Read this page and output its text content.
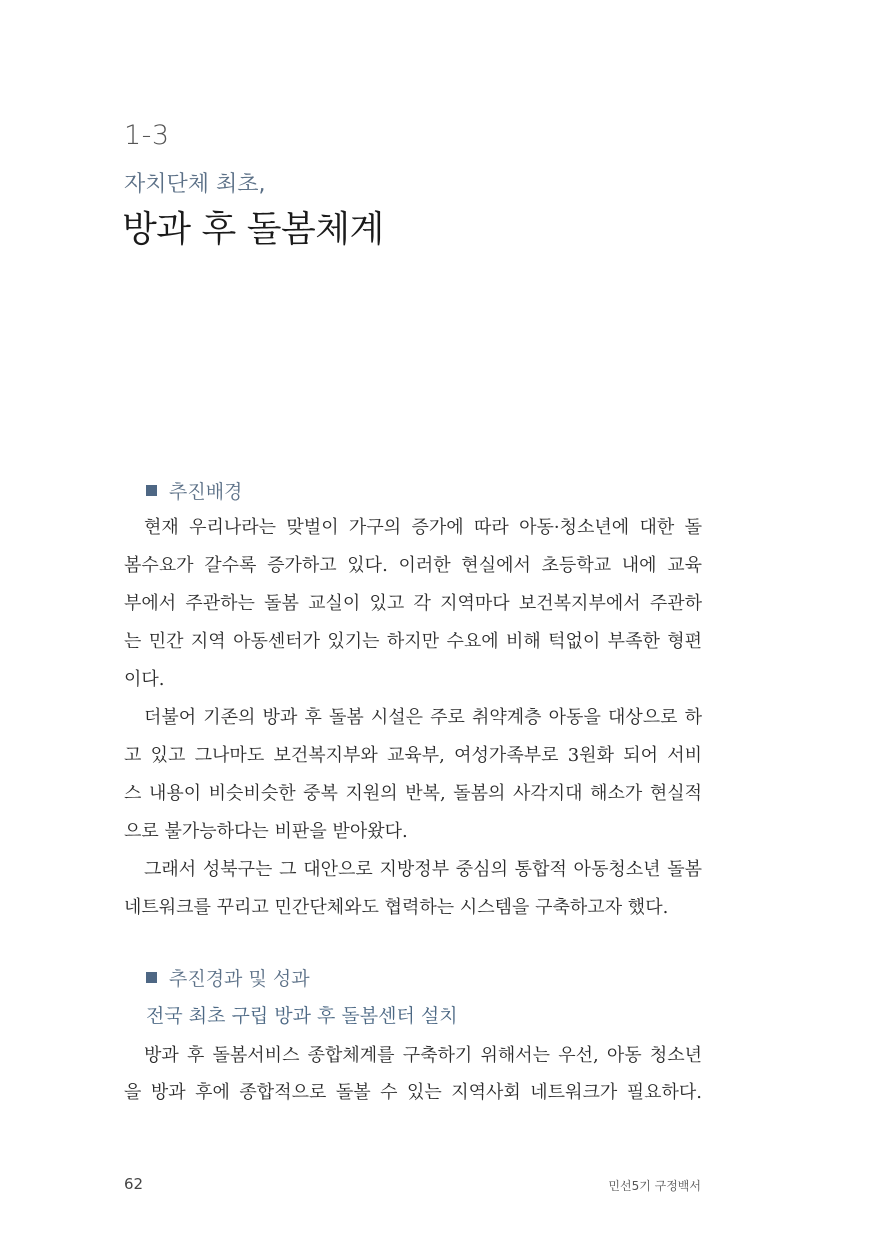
1-3
자치단체 최초,
방과 후 돌봄체계
추진배경
현재 우리나라는 맞벌이 가구의 증가에 따라 아동·청소년에 대한 돌
봄수요가 갈수록 증가하고 있다. 이러한 현실에서 초등학교 내에 교육
부에서 주관하는 돌봄 교실이 있고 각 지역마다 보건복지부에서 주관하
는 민간 지역 아동센터가 있기는 하지만 수요에 비해 턱없이 부족한 형편
이다.
더불어 기존의 방과 후 돌봄 시설은 주로 취약계층 아동을 대상으로 하
고 있고 그나마도 보건복지부와 교육부, 여성가족부로 3원화 되어 서비
스 내용이 비슷비슷한 중복 지원의 반복, 돌봄의 사각지대 해소가 현실적
으로 불가능하다는 비판을 받아왔다.
그래서 성북구는 그 대안으로 지방정부 중심의 통합적 아동청소년 돌봄
네트워크를 꾸리고 민간단체와도 협력하는 시스템을 구축하고자 했다.
추진경과 및 성과
전국 최초 구립 방과 후 돌봄센터 설치
방과 후 돌봄서비스 종합체계를 구축하기 위해서는 우선, 아동 청소년
을 방과 후에 종합적으로 돌볼 수 있는 지역사회 네트워크가 필요하다.
62	민선5기 구정백서
